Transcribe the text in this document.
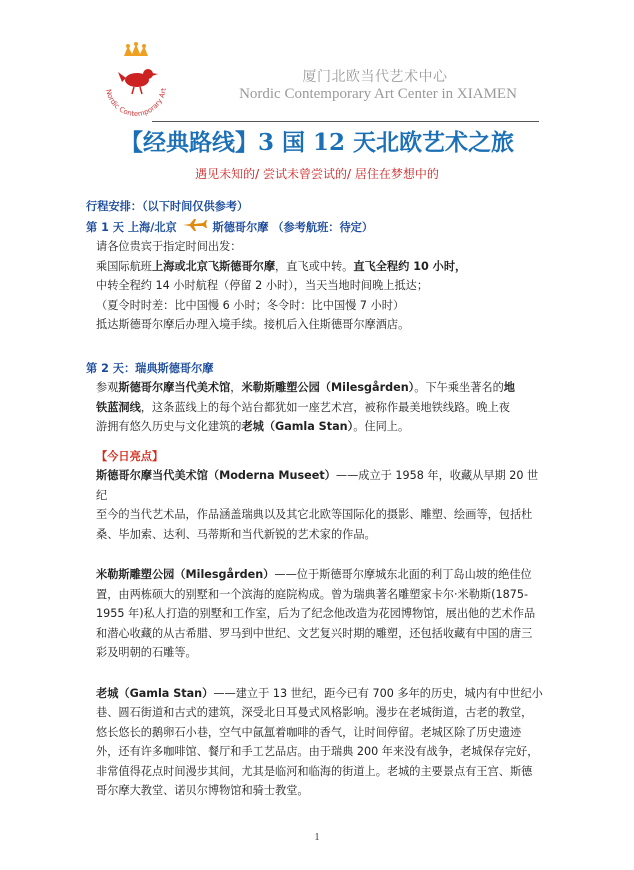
Nordic Contemporary Art
厦门北欧当代艺术中心
Nordic Contemporary Art Center in XIAMEN
【经典路线】3 国 12 天北欧艺术之旅
遇见未知的/ 尝试未曾尝试的/ 居住在梦想中的

行程安排：（以下时间仅供参考）

第 1 天 上海/北京	斯德哥尔摩 （参考航班：待定）

请各位贵宾于指定时间出发：

乘国际航班上海或北京飞斯德哥尔摩，直飞或中转。直飞全程约 10 小时，

中转全程约 14 小时航程（停留 2 小时），当天当地时间晚上抵达；

（夏令时时差：比中国慢 6 小时；冬令时：比中国慢 7 小时）

抵达斯德哥尔摩后办理入境手续。接机后入住斯德哥尔摩酒店。

第 2 天：瑞典斯德哥尔摩

参观斯德哥尔摩当代美术馆，米勒斯雕塑公园（Milesgården）。下午乘坐著名的地
铁蓝洞线，这条蓝线上的每个站台都犹如一座艺术宫，被称作最美地铁线路。晚上夜
游拥有悠久历史与文化建筑的老城（Gamla Stan）。住同上。

【今日亮点】

斯德哥尔摩当代美术馆（Moderna Museet）——成立于 1958 年，收藏从早期 20 世纪
至今的当代艺术品，作品涵盖瑞典以及其它北欧等国际化的摄影、雕塑、绘画等，包括杜
桑、毕加索、达利、马蒂斯和当代新锐的艺术家的作品。

米勒斯雕塑公园（Milesgården）——位于斯德哥尔摩城东北面的利丁岛山坡的绝佳位
置，由两栋硕大的别墅和一个滨海的庭院构成。曾为瑞典著名雕塑家卡尔·米勒斯(1875-
1955 年)私人打造的别墅和工作室，后为了纪念他改造为花园博物馆，展出他的艺术作品
和潜心收藏的从古希腊、罗马到中世纪、文艺复兴时期的雕塑，还包括收藏有中国的唐三
彩及明朝的石雕等。

老城（Gamla Stan）——建立于 13 世纪，距今已有 700 多年的历史，城内有中世纪小
巷、圆石街道和古式的建筑，深受北日耳曼式风格影响。漫步在老城街道，古老的教堂，
悠长悠长的鹅卵石小巷，空气中氤氲着咖啡的香气，让时间停留。老城区除了历史遗迹
外，还有许多咖啡馆、餐厅和手工艺品店。由于瑞典 200 年来没有战争，老城保存完好，
非常值得花点时间漫步其间，尤其是临河和临海的街道上。老城的主要景点有王宫、斯德
哥尔摩大教堂、诺贝尔博物馆和骑士教堂。

1
